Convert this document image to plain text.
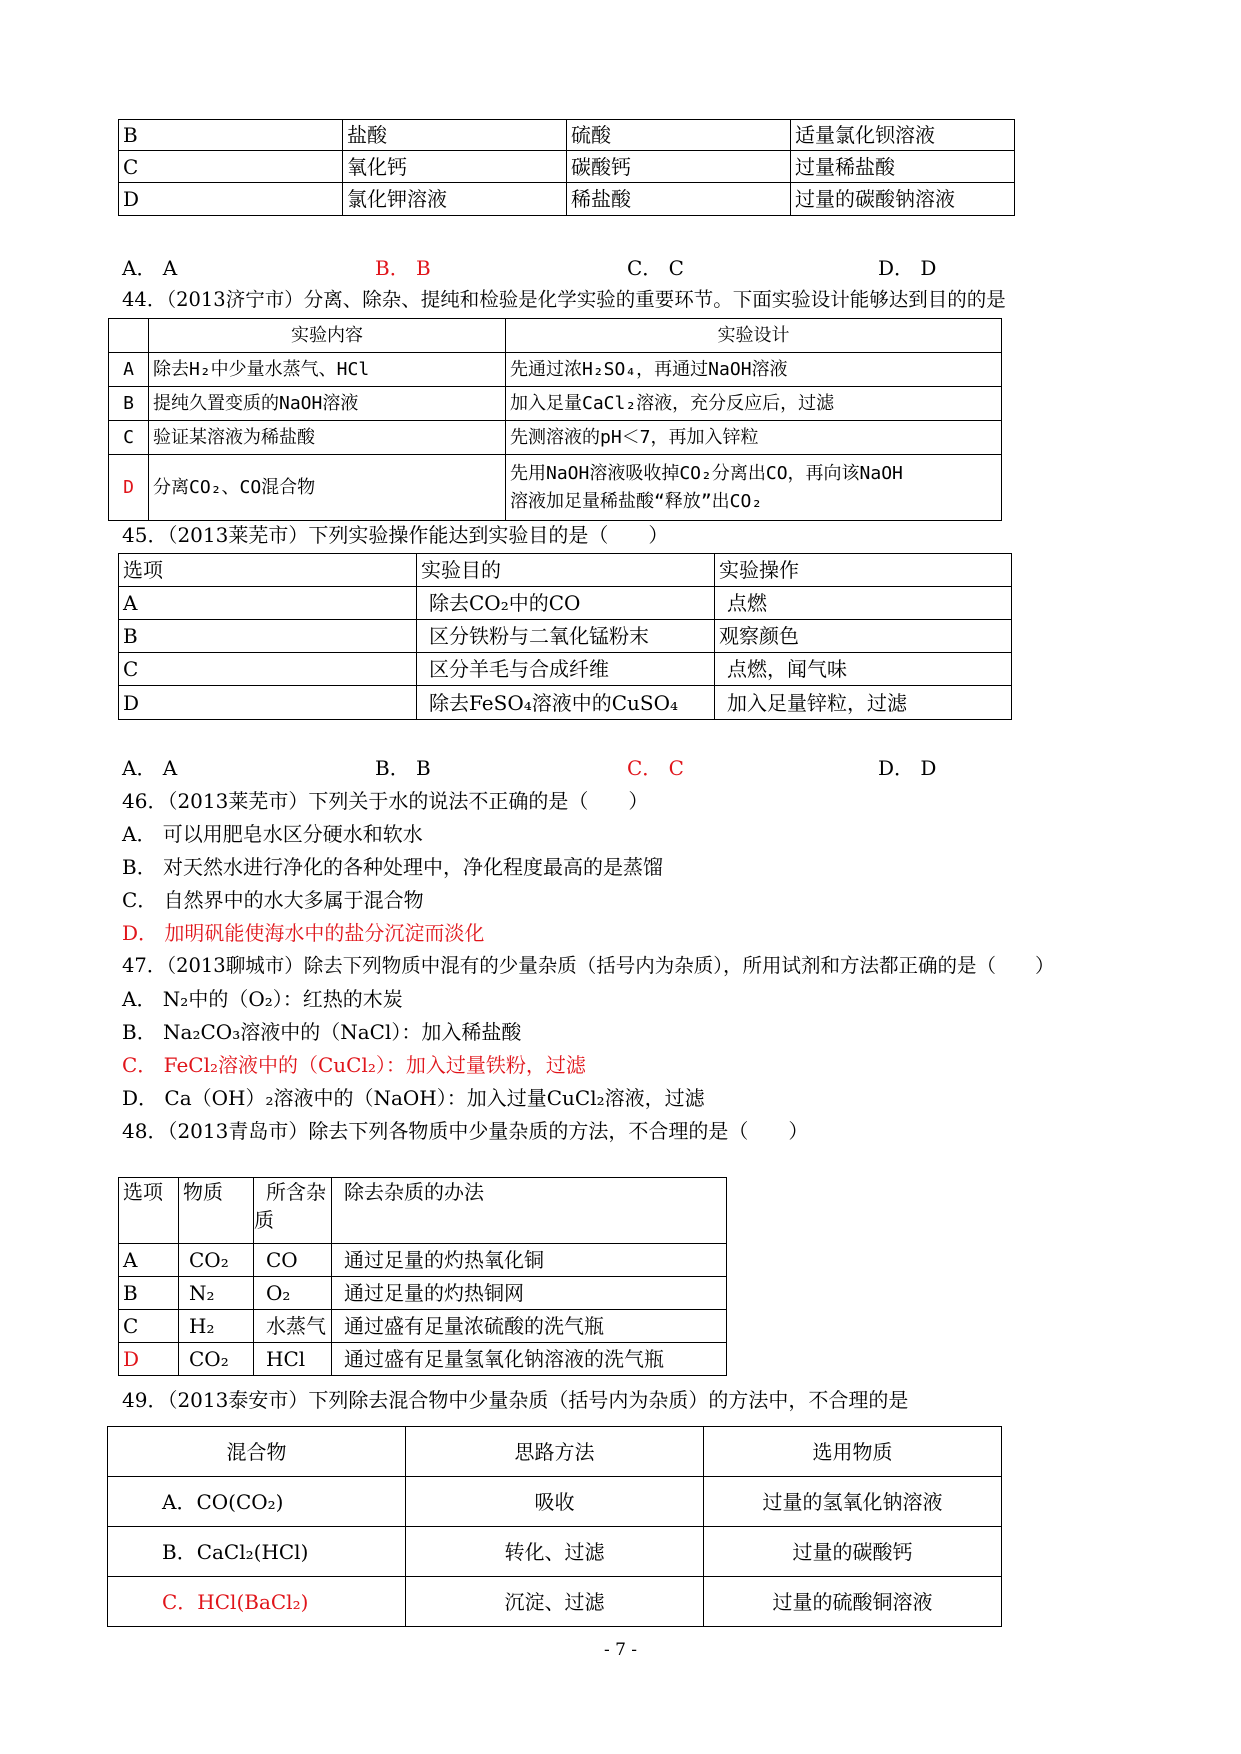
B	盐酸	硫酸	适量氯化钡溶液
C	氧化钙	碳酸钙	过量稀盐酸
D	氯化钾溶液	稀盐酸	过量的碳酸钠溶液
A． A	B． B	C． C	D． D
44．（2013济宁市）分离、除杂、提纯和检验是化学实验的重要环节。下面实验设计能够达到目的的是
	实验内容	实验设计
A	除去H₂中少量水蒸气、HCl	先通过浓H₂SO₄，再通过NaOH溶液
B	提纯久置变质的NaOH溶液	加入足量CaCl₂溶液，充分反应后，过滤
C	验证某溶液为稀盐酸	先测溶液的pH＜7，再加入锌粒
D	分离CO₂、CO混合物	先用NaOH溶液吸收掉CO₂分离出CO，再向该NaOH
溶液加足量稀盐酸“释放”出CO₂
45．（2013莱芜市）下列实验操作能达到实验目的是（　　）
选项	实验目的	实验操作
A	除去CO₂中的CO	点燃
B	区分铁粉与二氧化锰粉末	观察颜色
C	区分羊毛与合成纤维	点燃，闻气味
D	除去FeSO₄溶液中的CuSO₄	加入足量锌粒，过滤
A． A	B． B	C． C	D． D
46．（2013莱芜市）下列关于水的说法不正确的是（　　）
A． 可以用肥皂水区分硬水和软水
B． 对天然水进行净化的各种处理中，净化程度最高的是蒸馏
C． 自然界中的水大多属于混合物
D． 加明矾能使海水中的盐分沉淀而淡化
47．（2013聊城市）除去下列物质中混有的少量杂质（括号内为杂质），所用试剂和方法都正确的是（　　）
A． N₂中的（O₂）：红热的木炭
B． Na₂CO₃溶液中的（NaCl）：加入稀盐酸
C． FeCl₂溶液中的（CuCl₂）：加入过量铁粉，过滤
D． Ca（OH）₂溶液中的（NaOH）：加入过量CuCl₂溶液，过滤
48．（2013青岛市）除去下列各物质中少量杂质的方法，不合理的是（　　）
选项	物质	所含杂
质	除去杂质的办法
A	CO₂	CO	通过足量的灼热氧化铜
B	N₂	O₂	通过足量的灼热铜网
C	H₂	水蒸气	通过盛有足量浓硫酸的洗气瓶
D	CO₂	HCl	通过盛有足量氢氧化钠溶液的洗气瓶
49．（2013泰安市）下列除去混合物中少量杂质（括号内为杂质）的方法中，不合理的是
混合物	思路方法	选用物质
A．CO(CO₂)	吸收	过量的氢氧化钠溶液
B．CaCl₂(HCl)	转化、过滤	过量的碳酸钙
C．HCl(BaCl₂)	沉淀、过滤	过量的硫酸铜溶液
- 7 -
